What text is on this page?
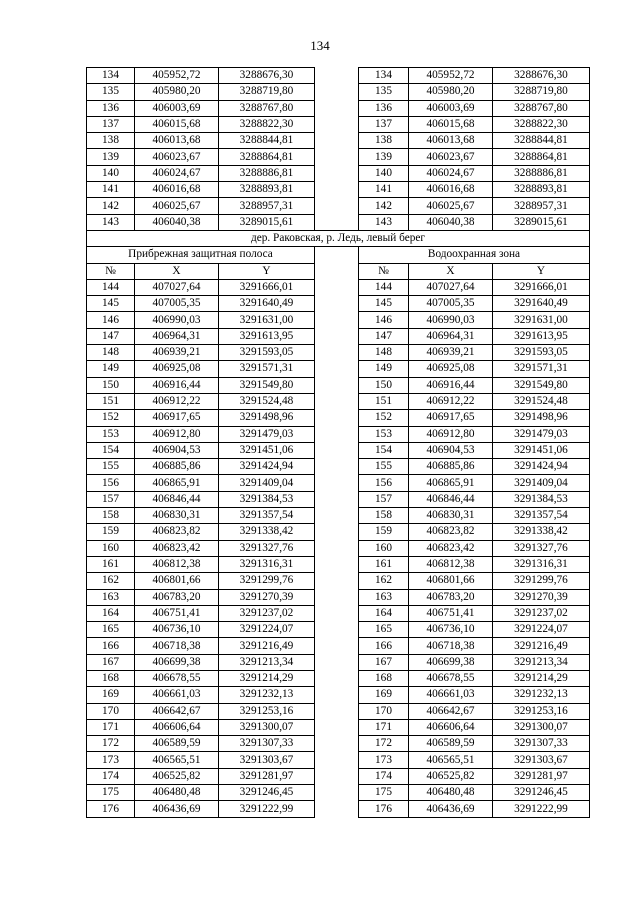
134
134	405952,72	3288676,30		134	405952,72	3288676,30
135	405980,20	3288719,80		135	405980,20	3288719,80
136	406003,69	3288767,80		136	406003,69	3288767,80
137	406015,68	3288822,30		137	406015,68	3288822,30
138	406013,68	3288844,81		138	406013,68	3288844,81
139	406023,67	3288864,81		139	406023,67	3288864,81
140	406024,67	3288886,81		140	406024,67	3288886,81
141	406016,68	3288893,81		141	406016,68	3288893,81
142	406025,67	3288957,31		142	406025,67	3288957,31
143	406040,38	3289015,61		143	406040,38	3289015,61
дер. Раковская, р. Ледь, левый берег						
Прибрежная защитная полоса				Водоохранная зона		
№	X	Y		№	X	Y
144	407027,64	3291666,01		144	407027,64	3291666,01
145	407005,35	3291640,49		145	407005,35	3291640,49
146	406990,03	3291631,00		146	406990,03	3291631,00
147	406964,31	3291613,95		147	406964,31	3291613,95
148	406939,21	3291593,05		148	406939,21	3291593,05
149	406925,08	3291571,31		149	406925,08	3291571,31
150	406916,44	3291549,80		150	406916,44	3291549,80
151	406912,22	3291524,48		151	406912,22	3291524,48
152	406917,65	3291498,96		152	406917,65	3291498,96
153	406912,80	3291479,03		153	406912,80	3291479,03
154	406904,53	3291451,06		154	406904,53	3291451,06
155	406885,86	3291424,94		155	406885,86	3291424,94
156	406865,91	3291409,04		156	406865,91	3291409,04
157	406846,44	3291384,53		157	406846,44	3291384,53
158	406830,31	3291357,54		158	406830,31	3291357,54
159	406823,82	3291338,42		159	406823,82	3291338,42
160	406823,42	3291327,76		160	406823,42	3291327,76
161	406812,38	3291316,31		161	406812,38	3291316,31
162	406801,66	3291299,76		162	406801,66	3291299,76
163	406783,20	3291270,39		163	406783,20	3291270,39
164	406751,41	3291237,02		164	406751,41	3291237,02
165	406736,10	3291224,07		165	406736,10	3291224,07
166	406718,38	3291216,49		166	406718,38	3291216,49
167	406699,38	3291213,34		167	406699,38	3291213,34
168	406678,55	3291214,29		168	406678,55	3291214,29
169	406661,03	3291232,13		169	406661,03	3291232,13
170	406642,67	3291253,16		170	406642,67	3291253,16
171	406606,64	3291300,07		171	406606,64	3291300,07
172	406589,59	3291307,33		172	406589,59	3291307,33
173	406565,51	3291303,67		173	406565,51	3291303,67
174	406525,82	3291281,97		174	406525,82	3291281,97
175	406480,48	3291246,45		175	406480,48	3291246,45
176	406436,69	3291222,99		176	406436,69	3291222,99
